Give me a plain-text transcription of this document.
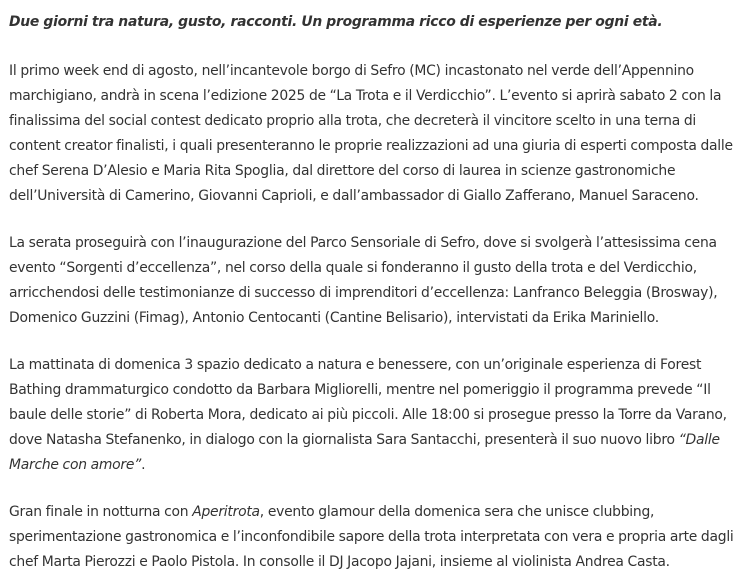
Due giorni tra natura, gusto, racconti. Un programma ricco di esperienze per ogni età.

Il primo week end di agosto, nell’incantevole borgo di Sefro (MC) incastonato nel verde dell’Appennino marchigiano, andrà in scena l’edizione 2025 de “La Trota e il Verdicchio”. L’evento si aprirà sabato 2 con la finalissima del social contest dedicato proprio alla trota, che decreterà il vincitore scelto in una terna di content creator finalisti, i quali presenteranno le proprie realizzazioni ad una giuria di esperti composta dalle chef Serena D’Alesio e Maria Rita Spoglia, dal direttore del corso di laurea in scienze gastronomiche dell’Università di Camerino, Giovanni Caprioli, e dall’ambassador di Giallo Zafferano, Manuel Saraceno.

La serata proseguirà con l’inaugurazione del Parco Sensoriale di Sefro, dove si svolgerà l’attesissima cena evento “Sorgenti d’eccellenza”, nel corso della quale si fonderanno il gusto della trota e del Verdicchio, arricchendosi delle testimonianze di successo di imprenditori d’eccellenza: Lanfranco Beleggia (Brosway), Domenico Guzzini (Fimag), Antonio Centocanti (Cantine Belisario), intervistati da Erika Mariniello.

La mattinata di domenica 3 spazio dedicato a natura e benessere, con un’originale esperienza di Forest Bathing drammaturgico condotto da Barbara Migliorelli, mentre nel pomeriggio il programma prevede “Il baule delle storie” di Roberta Mora, dedicato ai più piccoli. Alle 18:00 si prosegue presso la Torre da Varano, dove Natasha Stefanenko, in dialogo con la giornalista Sara Santacchi, presenterà il suo nuovo libro “Dalle Marche con amore”.

Gran finale in notturna con Aperitrota, evento glamour della domenica sera che unisce clubbing, sperimentazione gastronomica e l’inconfondibile sapore della trota interpretata con vera e propria arte dagli chef Marta Pierozzi e Paolo Pistola. In consolle il DJ Jacopo Jajani, insieme al violinista Andrea Casta.
